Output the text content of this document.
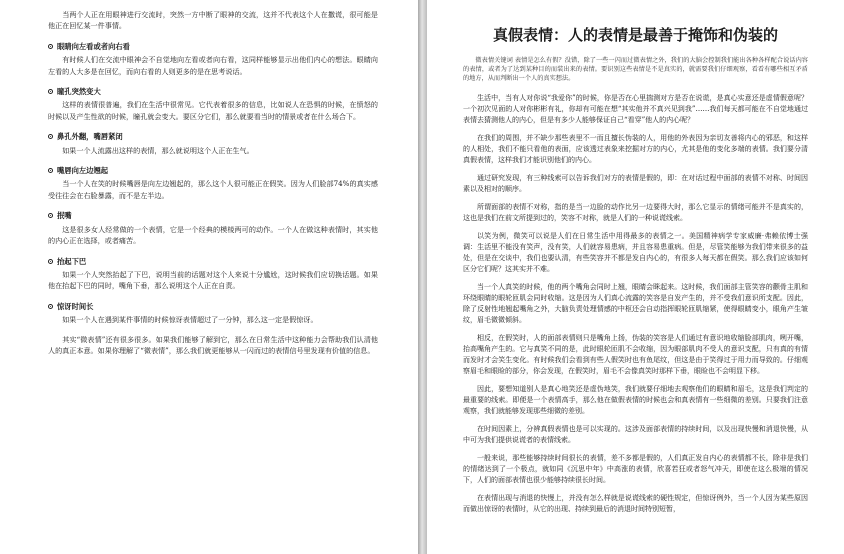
当两个人正在用眼神进行交流时，突然一方中断了眼神的交流，这并不代表这个人在撒谎，很可能是他正在回忆某一件事情。

眼睛向左看或者向右看

有时候人们在交流中眼神会不自觉地向左看或者向右看，这同样能够显示出他们内心的想法。眼睛向左看的人大多是在回忆，而向右看的人则更多的是在思考说话。

瞳孔突然变大

这样的表情很普遍，我们在生活中很常见。它代表着很多的信息，比如说人在恐惧的时候，在愤怒的时候以及产生性欲的时候，瞳孔就会变大。要区分它们，那么就要看当时的情景或者在什么场合下。

鼻孔外翻，嘴唇紧闭

如果一个人流露出这样的表情，那么就说明这个人正在生气。

嘴唇向左边翘起

当一个人在笑的时候嘴唇是向左边翘起的，那么这个人很可能正在假笑。因为人们脸部74%的真实感受往往会在右脸暴露，而不是左半边。

抿嘴

这是很多女人经常做的一个表情，它是一个经典的模棱两可的动作。一个人在做这种表情时，其实他的内心正在选择，或者痛苦。

抬起下巴

如果一个人突然抬起了下巴，说明当前的话题对这个人来说十分尴尬，这时候我们应切换话题。如果他在抬起下巴的同时，嘴角下垂，那么说明这个人正在自责。

惊讶时间长

如果一个人在遇到某件事情的时候惊讶表情超过了一分钟，那么这一定是假惊讶。

其实“微表情”还有很多很多。如果我们能够了解到它，那么在日常生活中这种能力会帮助我们认清他人的真正本意。如果你理解了“微表情”，那么我们就更能够从一闪而过的表情信号里发现有价值的信息。

真假表情：人的表情是最善于掩饰和伪装的
微表情关键词 表情是怎么有假？没错，除了一些一闪而过微表情之外，我们的大脑会控制我们能出各种各样配合说话内容的表情，或者为了达到某种目的而装出来的表情。要识别这些表情是不是真实的，就需要我们仔细观察，看看有哪些相互矛盾的地方，从而判断出一个人的真实想法。

生活中，当有人对你说“我爱你”的时候，你是否在心里揣测对方是否在说谎，是真心实意还是虚情假意呢？一个初次见面的人对你彬彬有礼，你却有可能在想“其实他并不真兴见到我”……我们每天都可能在不自觉地通过表情去猜测他人的内心，但是有多少人能够保证自己“看穿”他人的内心呢？

在我们的周围，并不缺少那些表里不一而且擅长伪装的人，用他的外表因为亲切友善将内心的邪恶，和这样的人相处，我们不能只看他的表面，应该透过表象来挖掘对方的内心，尤其是他的变化多端的表情。我们要分清真假表情，这样我们才能识别他们的内心。

通过研究发现，有三种线索可以告诉我们对方的表情是假的，即：在对话过程中面部的表情不对称、时间因素以及相对的顺序。

所谓面部的表情不对称，指的是当一边脸的动作比另一边要得大时，那么它显示的情绪可能并不是真实的，这也是我们在前文所提到过的，笑容不对称，就是人们的一种说谎线索。

以笑为例，微笑可以说是人们在日常生活中用得最多的表情之一。美国精神病学专家威廉·弗赖依博士强调：生活里不能没有笑声，没有笑，人们就容易患病，并且容易患重病。但是，尽管笑能够为我们带来很多的益处，但是在交谈中，我们也要认清，有些笑容并不都是发自内心的，有很多人每天都在假笑。那么我们应该如何区分它们呢？这其实并不难。

当一个人真笑的时候，他的两个嘴角会同时上翘，眼睛会眯起来。这时候，我们面部主管笑容的颧骨主肌和环绕眼睛的眼轮匝肌会同时收缩。这是因为人们真心流露的笑容是自发产生的，并不受我们意识所支配。因此，除了反射性地翘起嘴角之外，大脑负责处理情感的中枢还会自动指挥眼轮匝肌缩紧，使得眼睛变小，眼角产生皱纹，眉毛微微倾斜。

相反，在假笑时，人的面部表情则只是嘴角上扬，伪装的笑容是人们通过有意识地收缩脸部肌肉，咧开嘴，抬高嘴角产生的。它与真笑不同的是，此时眼轮匝肌不会收缩，因为眼部肌肉不受人的意识支配，只有真的有情而发时才会笑生变化。有时候我们会看到有些人假笑时也有鱼尾纹，但这是由于笑得过于用力而导致的。仔细观察眉毛和眼睑的部分，你会发现，在假笑时，眉毛不会像真笑时那样下垂，眼睑也不会明显下移。

因此，要想知道别人是真心地笑还是虚伪地笑，我们就要仔细地去观察他们的眼睛和眉毛，这是我们判定的最重要的线索。即便是一个表情高手，那么他在做假表情的时候也会和真表情有一些细微的差别。只要我们注意观察，我们就能够发现那些细微的差别。

在时间因素上，分辨真假表情也是可以实现的。这涉及面部表情的持续时间，以及出现快慢和消退快慢，从中可为我们提供说谎者的表情线索。

一般来说，那些能够持续时间很长的表情，差不多都是假的，人们真正发自内心的表情都不长，除非是我们的情绪达到了一个极点，就如同《沉思中年》中高涨的表情，欣喜若狂或者怒气冲天，即使在这么极端的情况下，人们的面部表情也很少能够持续很长时间。

在表情出现与消退的快慢上，并没有怎么样就是说谎线索的硬性规定，但惊讶例外，当一个人因为某些原因而做出惊讶的表情时，从它的出现、持续到最后的消退时间特别短暂，
